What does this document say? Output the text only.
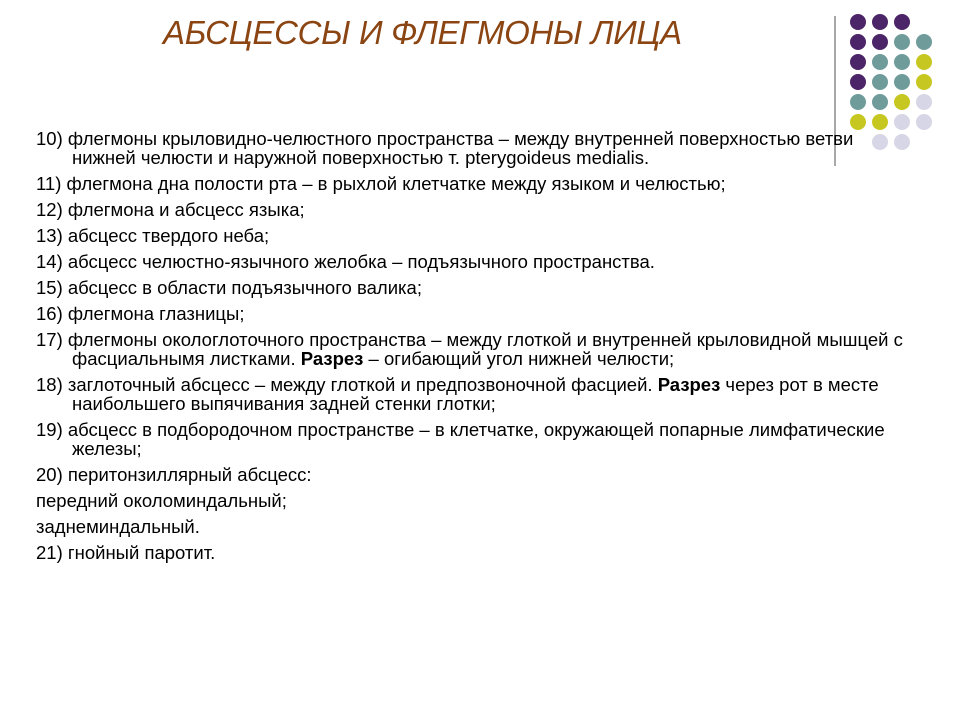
АБСЦЕССЫ И ФЛЕГМОНЫ ЛИЦА
10) флегмоны крыловидно-челюстного пространства – между внутренней поверхностью ветви нижней челюсти и наружной поверхностью т. pterygoideus medialis.
11) флегмона дна полости рта – в рыхлой клетчатке между языком и челюстью;
12) флегмона и абсцесс языка;
13) абсцесс твердого неба;
14) абсцесс челюстно-язычного желобка – подъязычного пространства.
15) абсцесс в области подъязычного валика;
16) флегмона глазницы;
17) флегмоны окологлоточного пространства – между глоткой и внутренней крыловидной мышцей с фасциальнымя листками. Разрез – огибающий угол нижней челюсти;
18) заглоточный абсцесс – между глоткой и предпозвоночной фасцией. Разрез через рот в месте наибольшего выпячивания задней стенки глотки;
19) абсцесс в подбородочном пространстве – в клетчатке, окружающей попарные лимфатические железы;
20) перитонзиллярный абсцесс:
передний околоминдальный;
заднеминдальный.
21) гнойный паротит.
